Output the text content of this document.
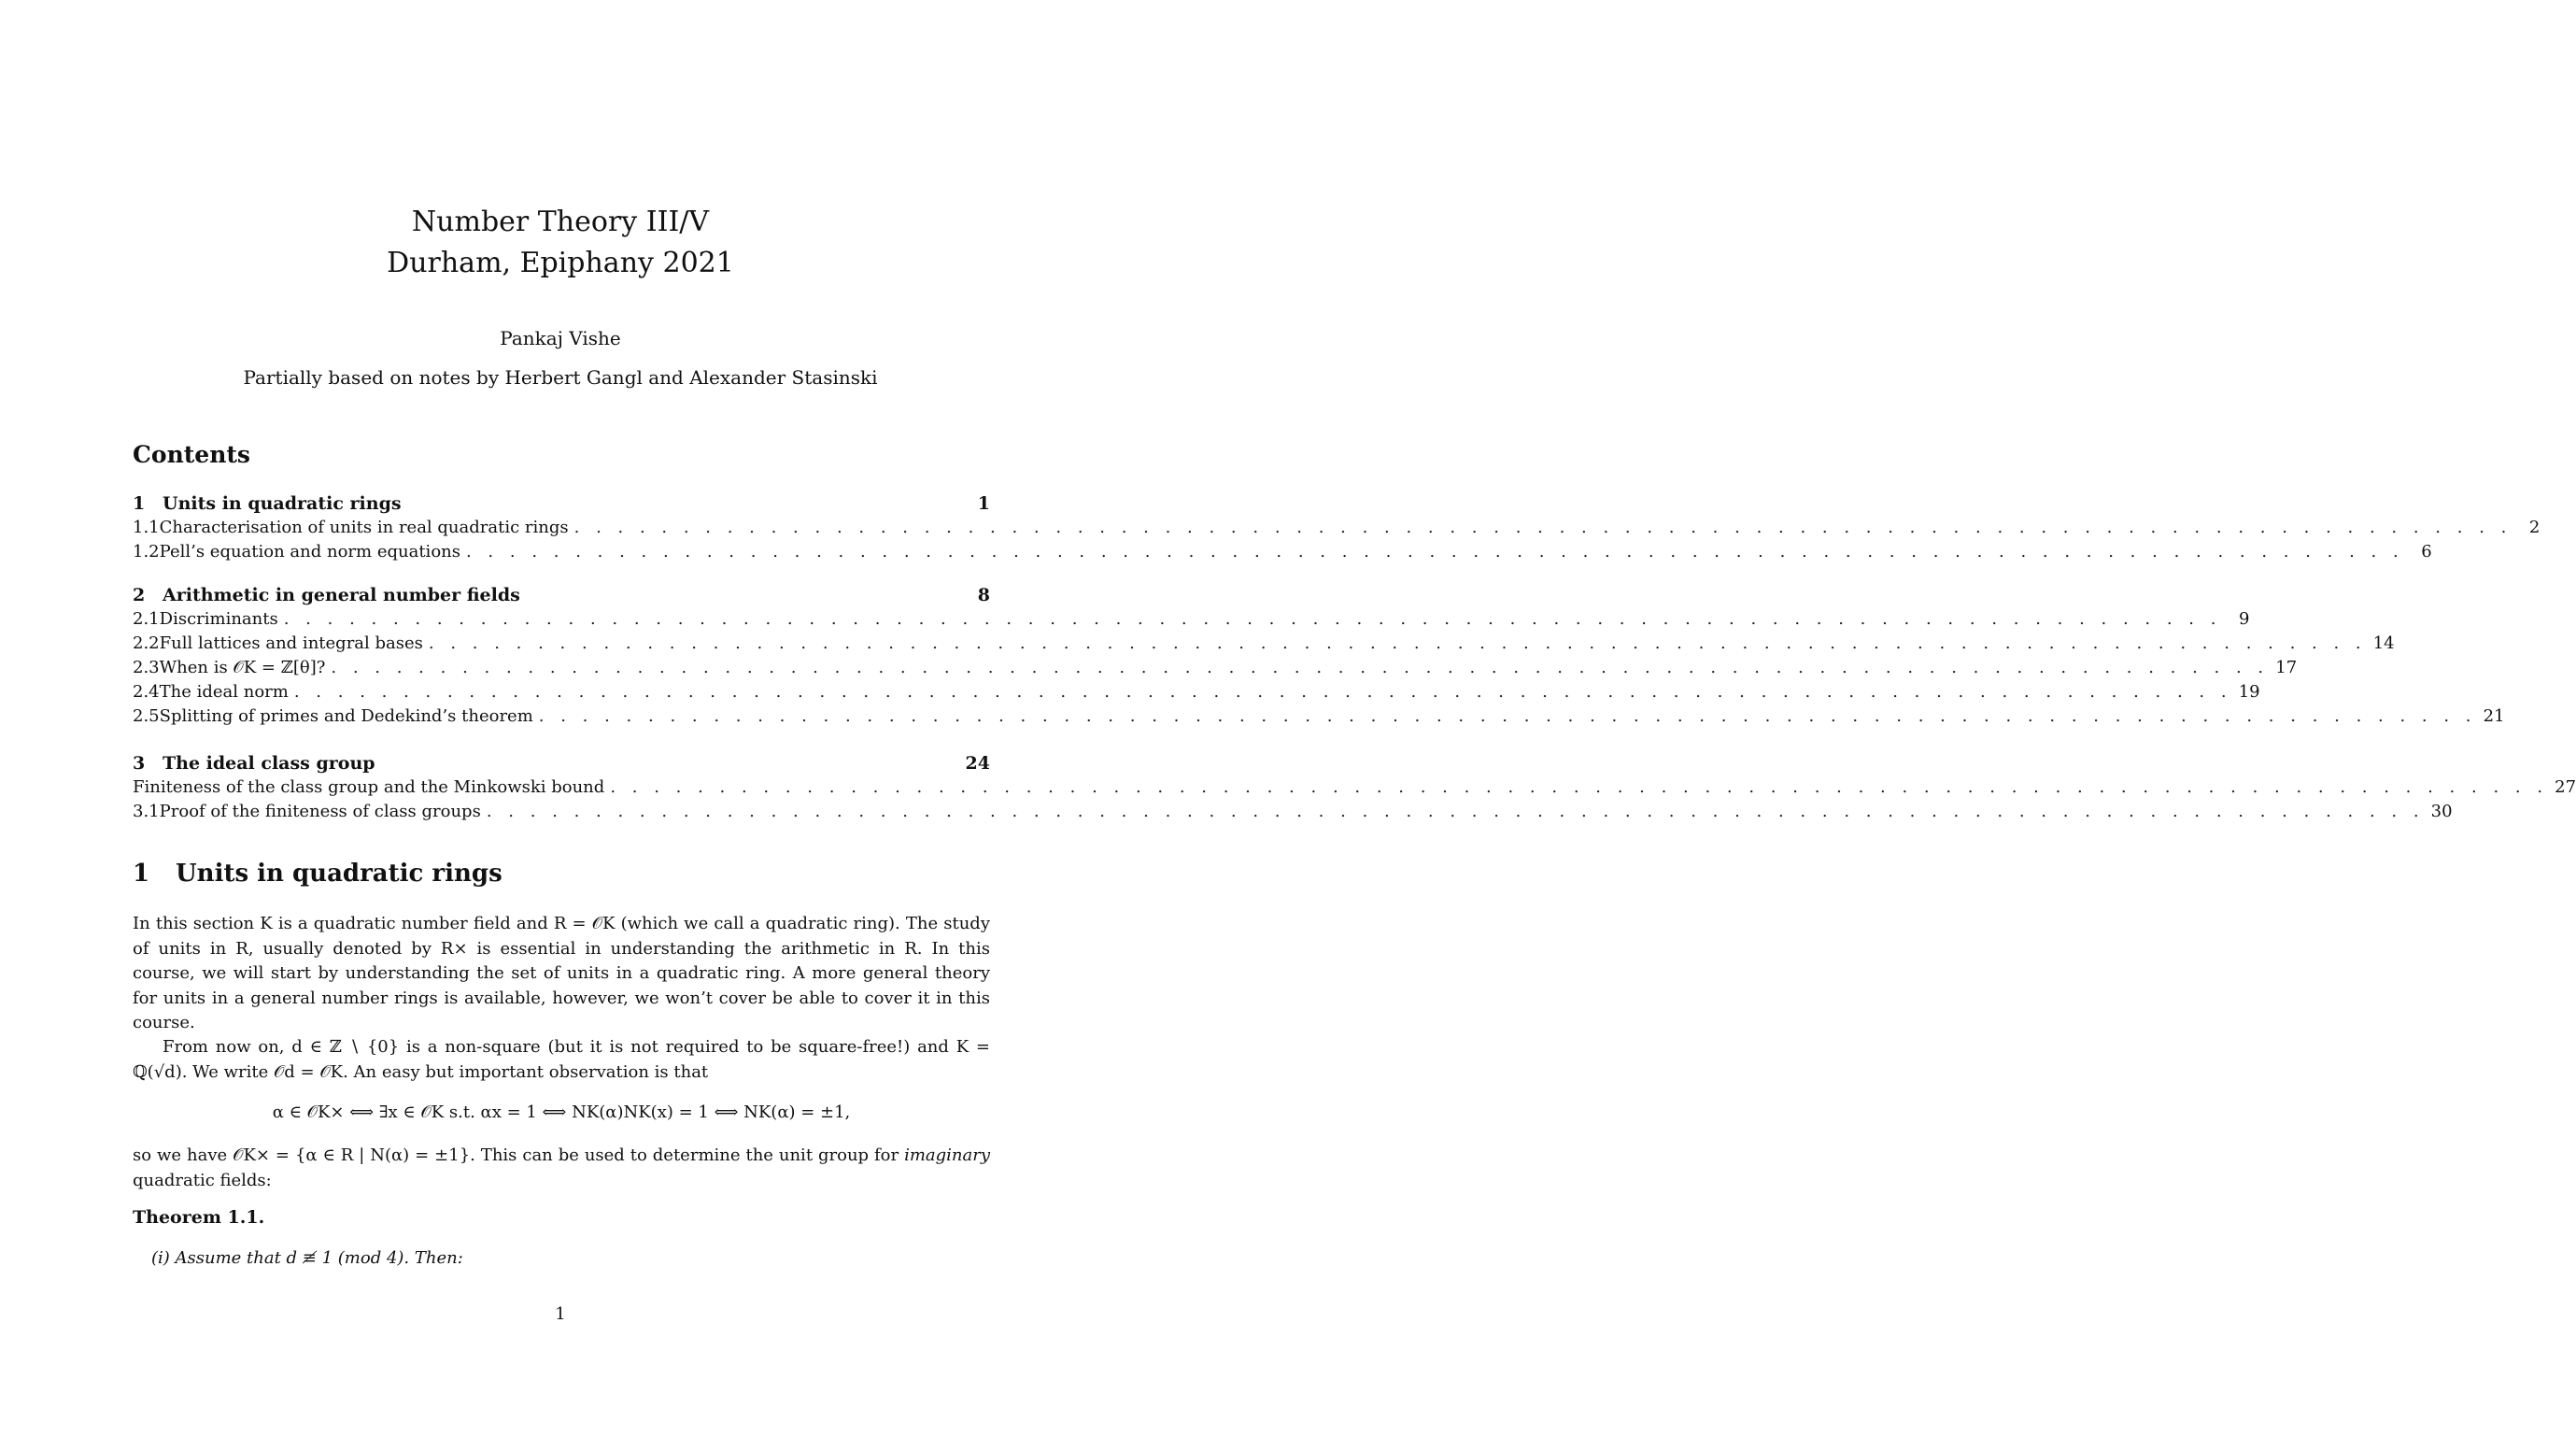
Number Theory III/V
Durham, Epiphany 2021
Pankaj Vishe
Partially based on notes by Herbert Gangl and Alexander Stasinski
Contents
1 Units in quadratic rings	1
1.1 Characterisation of units in real quadratic rings . . . . . . . . . . . . . . . . . . . . . . . . . . . . . . . . . . . . . . . . . . . . . . . . . . . . . . . . . . . . . . . . . . . . . . . . . . . . . . . . . . . . . . . . .	2
1.2 Pell’s equation and norm equations . . . . . . . . . . . . . . . . . . . . . . . . . . . . . . . . . . . . . . . . . . . . . . . . . . . . . . . . . . . . . . . . . . . . . . . . . . . . . . . . . . . . . . . . .	6
2 Arithmetic in general number fields	8
2.1 Discriminants . . . . . . . . . . . . . . . . . . . . . . . . . . . . . . . . . . . . . . . . . . . . . . . . . . . . . . . . . . . . . . . . . . . . . . . . . . . . . . . . . . . . . . . . .	9
2.2 Full lattices and integral bases . . . . . . . . . . . . . . . . . . . . . . . . . . . . . . . . . . . . . . . . . . . . . . . . . . . . . . . . . . . . . . . . . . . . . . . . . . . . . . . . . . . . . . . . . 14
2.3 When is 𝒪K = ℤ[θ]? . . . . . . . . . . . . . . . . . . . . . . . . . . . . . . . . . . . . . . . . . . . . . . . . . . . . . . . . . . . . . . . . . . . . . . . . . . . . . . . . . . . . . . . . . 17
2.4 The ideal norm . . . . . . . . . . . . . . . . . . . . . . . . . . . . . . . . . . . . . . . . . . . . . . . . . . . . . . . . . . . . . . . . . . . . . . . . . . . . . . . . . . . . . . . . . 19
2.5 Splitting of primes and Dedekind’s theorem . . . . . . . . . . . . . . . . . . . . . . . . . . . . . . . . . . . . . . . . . . . . . . . . . . . . . . . . . . . . . . . . . . . . . . . . . . . . . . . . . . . . . . . . . 21
3 The ideal class group	24
Finiteness of the class group and the Minkowski bound . . . . . . . . . . . . . . . . . . . . . . . . . . . . . . . . . . . . . . . . . . . . . . . . . . . . . . . . . . . . . . . . . . . . . . . . . . . . . . . . . . . . . . . . . 27
3.1 Proof of the finiteness of class groups . . . . . . . . . . . . . . . . . . . . . . . . . . . . . . . . . . . . . . . . . . . . . . . . . . . . . . . . . . . . . . . . . . . . . . . . . . . . . . . . . . . . . . . . . 30
1 Units in quadratic rings

In this section K is a quadratic number field and R = 𝒪K (which we call a quadratic ring). The study of units in R, usually denoted by R× is essential in understanding the arithmetic in R. In this course, we will start by understanding the set of units in a quadratic ring. A more general theory for units in a general number rings is available, however, we won’t cover be able to cover it in this course.

From now on, d ∈ ℤ ∖ {0} is a non-square (but it is not required to be square-free!) and K = ℚ(√d). We write 𝒪d = 𝒪K. An easy but important observation is that

α ∈ 𝒪K× ⟺ ∃x ∈ 𝒪K s.t. αx = 1 ⟺ NK(α)NK(x) = 1 ⟺ NK(α) = ±1,

so we have 𝒪K× = {α ∈ R | N(α) = ±1}. This can be used to determine the unit group for imaginary quadratic fields:

Theorem 1.1.
(i) Assume that d ≢ 1 (mod 4). Then:
1
